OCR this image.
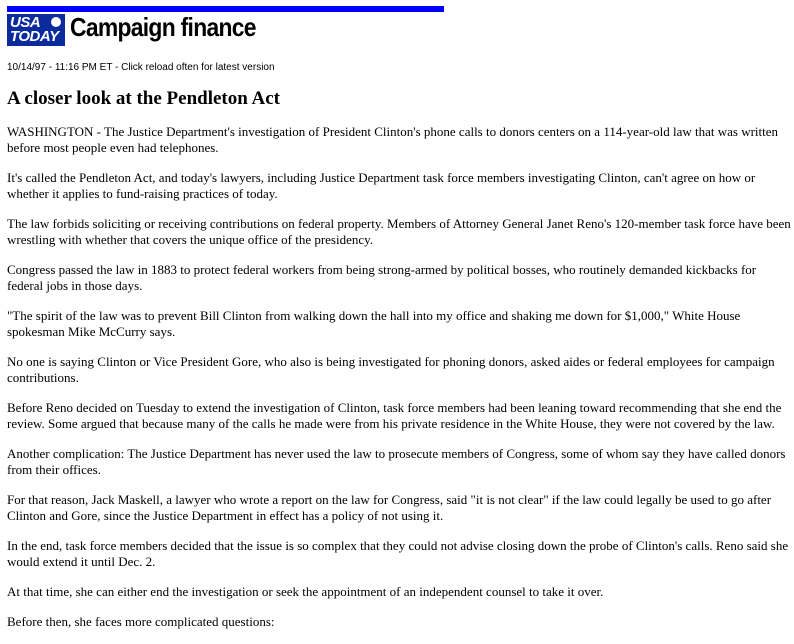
USA
TODAY Campaign finance
10/14/97 - 11:16 PM ET - Click reload often for latest version
A closer look at the Pendleton Act

WASHINGTON - The Justice Department's investigation of President Clinton's phone calls to donors centers on a 114-year-old law that was written before most people even had telephones.

It's called the Pendleton Act, and today's lawyers, including Justice Department task force members investigating Clinton, can't agree on how or whether it applies to fund-raising practices of today.

The law forbids soliciting or receiving contributions on federal property. Members of Attorney General Janet Reno's 120-member task force have been wrestling with whether that covers the unique office of the presidency.

Congress passed the law in 1883 to protect federal workers from being strong-armed by political bosses, who routinely demanded kickbacks for federal jobs in those days.

"The spirit of the law was to prevent Bill Clinton from walking down the hall into my office and shaking me down for $1,000," White House spokesman Mike McCurry says.

No one is saying Clinton or Vice President Gore, who also is being investigated for phoning donors, asked aides or federal employees for campaign contributions.

Before Reno decided on Tuesday to extend the investigation of Clinton, task force members had been leaning toward recommending that she end the review. Some argued that because many of the calls he made were from his private residence in the White House, they were not covered by the law.

Another complication: The Justice Department has never used the law to prosecute members of Congress, some of whom say they have called donors from their offices.

For that reason, Jack Maskell, a lawyer who wrote a report on the law for Congress, said "it is not clear" if the law could legally be used to go after Clinton and Gore, since the Justice Department in effect has a policy of not using it.

In the end, task force members decided that the issue is so complex that they could not advise closing down the probe of Clinton's calls. Reno said she would extend it until Dec. 2.

At that time, she can either end the investigation or seek the appointment of an independent counsel to take it over.

Before then, she faces more complicated questions:
